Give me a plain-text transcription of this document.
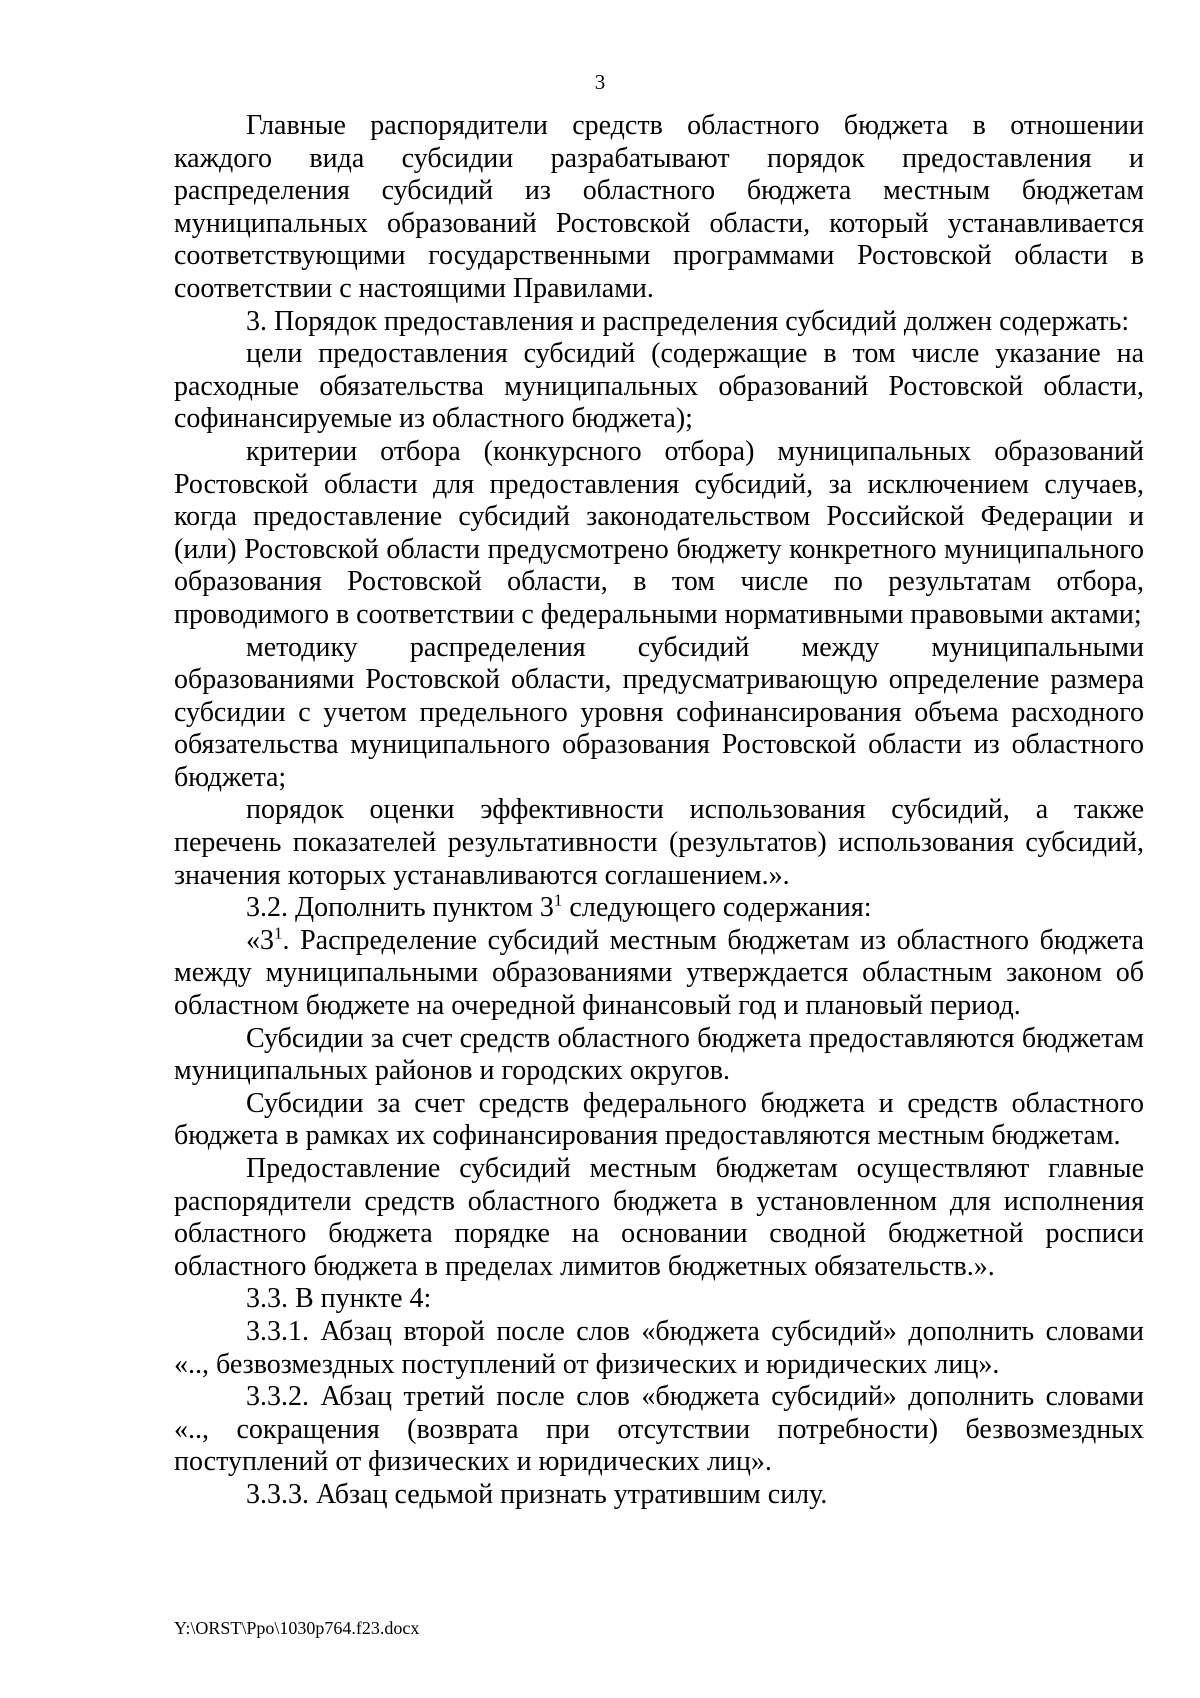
3

Главные распорядители средств областного бюджета в отношении каждого вида субсидии разрабатывают порядок предоставления и распределения субсидий из областного бюджета местным бюджетам муниципальных образований Ростовской области, который устанавливается соответствующими государственными программами Ростовской области в соответствии с настоящими Правилами.

3. Порядок предоставления и распределения субсидий должен содержать:

цели предоставления субсидий (содержащие в том числе указание на расходные обязательства муниципальных образований Ростовской области, софинансируемые из областного бюджета);

критерии отбора (конкурсного отбора) муниципальных образований Ростовской области для предоставления субсидий, за исключением случаев, когда предоставление субсидий законодательством Российской Федерации и (или) Ростовской области предусмотрено бюджету конкретного муниципального образования Ростовской области, в том числе по результатам отбора, проводимого в соответствии с федеральными нормативными правовыми актами;

методику распределения субсидий между муниципальными образованиями Ростовской области, предусматривающую определение размера субсидии с учетом предельного уровня софинансирования объема расходного обязательства муниципального образования Ростовской области из областного бюджета;

порядок оценки эффективности использования субсидий, а также перечень показателей результативности (результатов) использования субсидий, значения которых устанавливаются соглашением.».

3.2. Дополнить пунктом $3^1$ следующего содержания:

«$3^1$. Распределение субсидий местным бюджетам из областного бюджета между муниципальными образованиями утверждается областным законом об областном бюджете на очередной финансовый год и плановый период.

Субсидии за счет средств областного бюджета предоставляются бюджетам муниципальных районов и городских округов.

Субсидии за счет средств федерального бюджета и средств областного бюджета в рамках их софинансирования предоставляются местным бюджетам.

Предоставление субсидий местным бюджетам осуществляют главные распорядители средств областного бюджета в установленном для исполнения областного бюджета порядке на основании сводной бюджетной росписи областного бюджета в пределах лимитов бюджетных обязательств.».

3.3. В пункте 4:

3.3.1. Абзац второй после слов «бюджета субсидий» дополнить словами «.., безвозмездных поступлений от физических и юридических лиц».

3.3.2. Абзац третий после слов «бюджета субсидий» дополнить словами «.., сокращения (возврата при отсутствии потребности) безвозмездных поступлений от физических и юридических лиц».

3.3.3. Абзац седьмой признать утратившим силу.

Y:\ORST\Ppo\1030p764.f23.docx
